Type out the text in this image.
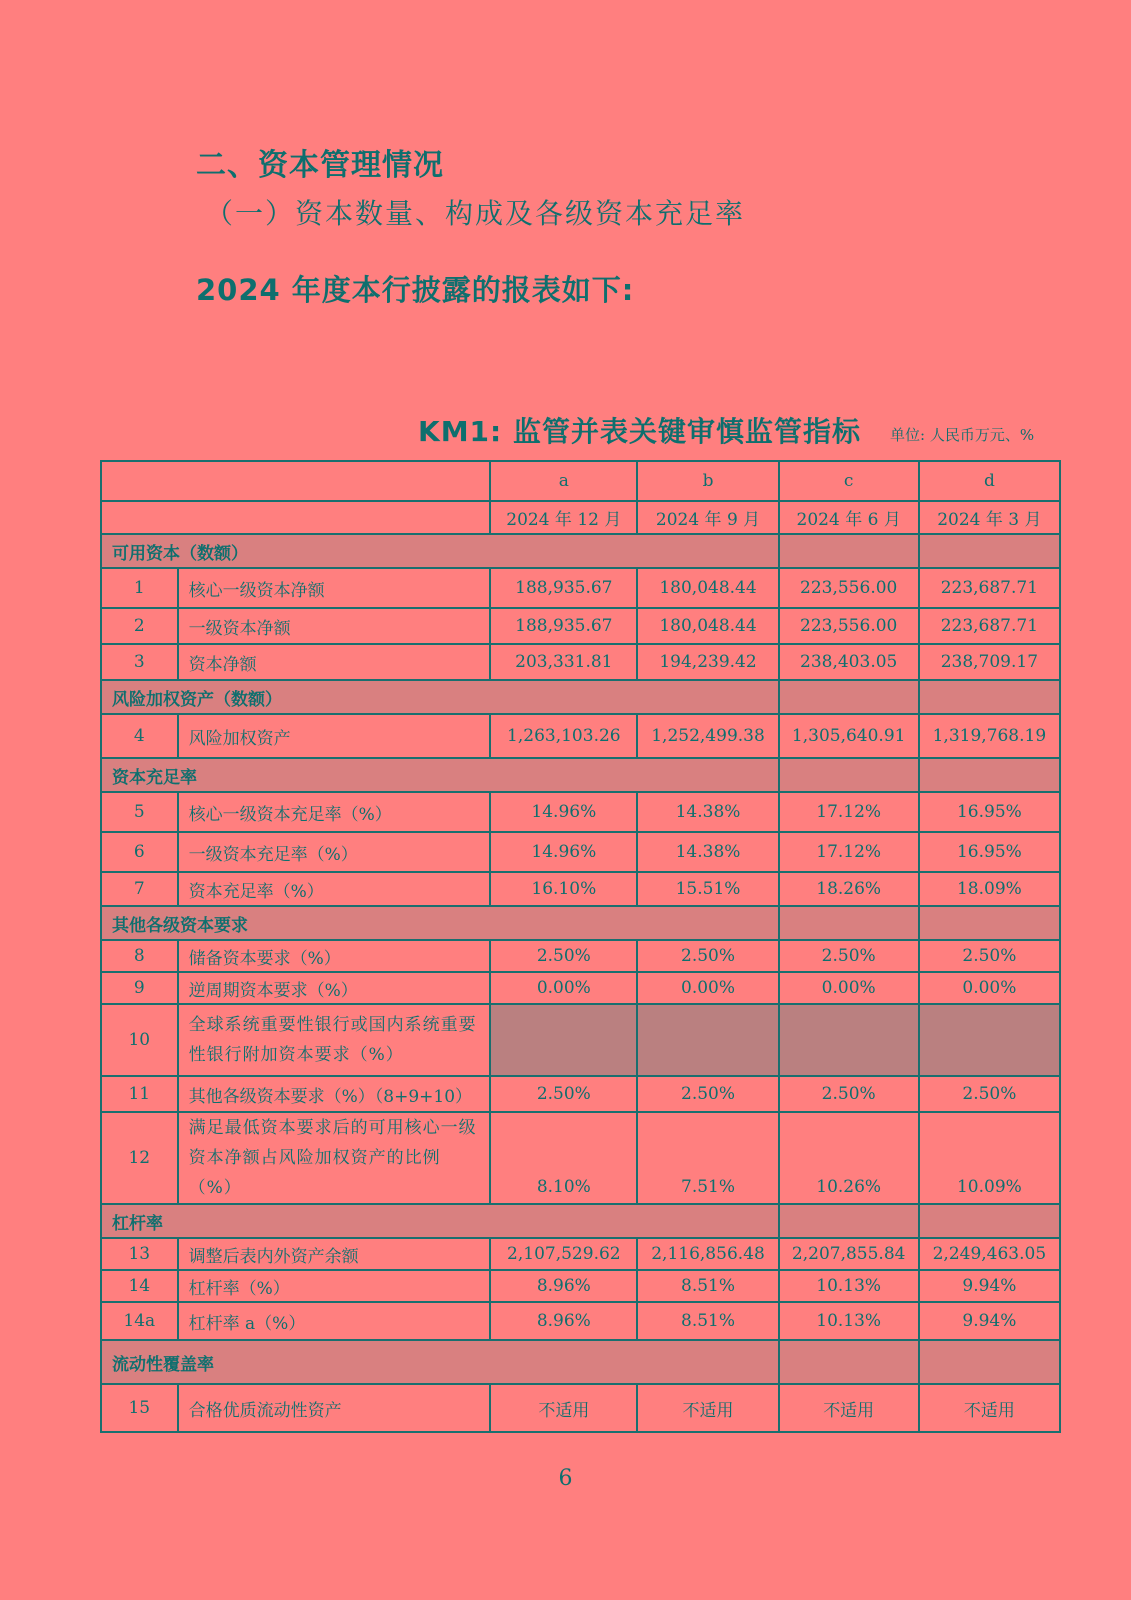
二、资本管理情况
（一）资本数量、构成及各级资本充足率
2024 年度本行披露的报表如下:
KM1: 监管并表关键审慎监管指标 单位: 人民币万元、%
		a	b	c	d
		2024 年 12 月	2024 年 9 月	2024 年 6 月	2024 年 3 月
可用资本（数额）					
1	核心一级资本净额	188,935.67	180,048.44	223,556.00	223,687.71
2	一级资本净额	188,935.67	180,048.44	223,556.00	223,687.71
3	资本净额	203,331.81	194,239.42	238,403.05	238,709.17
风险加权资产（数额）					
4	风险加权资产	1,263,103.26	1,252,499.38	1,305,640.91	1,319,768.19
资本充足率					
5	核心一级资本充足率（%）	14.96%	14.38%	17.12%	16.95%
6	一级资本充足率（%）	14.96%	14.38%	17.12%	16.95%
7	资本充足率（%）	16.10%	15.51%	18.26%	18.09%
其他各级资本要求					
8	储备资本要求（%）	2.50%	2.50%	2.50%	2.50%
9	逆周期资本要求（%）	0.00%	0.00%	0.00%	0.00%
10	全球系统重要性银行或国内系统重要性银行附加资本要求（%）				
11	其他各级资本要求（%）（8+9+10）	2.50%	2.50%	2.50%	2.50%
12	满足最低资本要求后的可用核心一级资本净额占风险加权资产的比例（%）	8.10%	7.51%	10.26%	10.09%
杠杆率					
13	调整后表内外资产余额	2,107,529.62	2,116,856.48	2,207,855.84	2,249,463.05
14	杠杆率（%）	8.96%	8.51%	10.13%	9.94%
14a	杠杆率 a（%）	8.96%	8.51%	10.13%	9.94%
流动性覆盖率					
15	合格优质流动性资产	不适用	不适用	不适用	不适用
6
